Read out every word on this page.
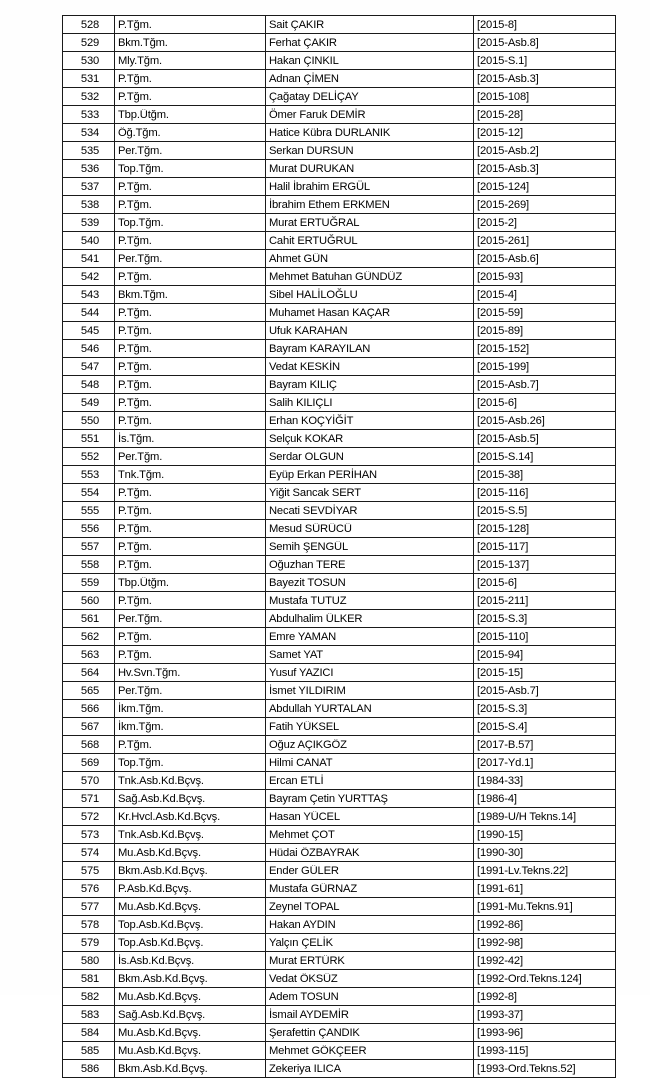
528	P.Tğm.	Sait ÇAKIR	[2015-8]
529	Bkm.Tğm.	Ferhat ÇAKIR	[2015-Asb.8]
530	Mly.Tğm.	Hakan ÇINKIL	[2015-S.1]
531	P.Tğm.	Adnan ÇİMEN	[2015-Asb.3]
532	P.Tğm.	Çağatay DELİÇAY	[2015-108]
533	Tbp.Ütğm.	Ömer Faruk DEMİR	[2015-28]
534	Öğ.Tğm.	Hatice Kübra DURLANIK	[2015-12]
535	Per.Tğm.	Serkan DURSUN	[2015-Asb.2]
536	Top.Tğm.	Murat DURUKAN	[2015-Asb.3]
537	P.Tğm.	Halil İbrahim ERGÜL	[2015-124]
538	P.Tğm.	İbrahim Ethem ERKMEN	[2015-269]
539	Top.Tğm.	Murat ERTUĞRAL	[2015-2]
540	P.Tğm.	Cahit ERTUĞRUL	[2015-261]
541	Per.Tğm.	Ahmet GÜN	[2015-Asb.6]
542	P.Tğm.	Mehmet Batuhan GÜNDÜZ	[2015-93]
543	Bkm.Tğm.	Sibel HALİLOĞLU	[2015-4]
544	P.Tğm.	Muhamet Hasan KAÇAR	[2015-59]
545	P.Tğm.	Ufuk KARAHAN	[2015-89]
546	P.Tğm.	Bayram KARAYILAN	[2015-152]
547	P.Tğm.	Vedat KESKİN	[2015-199]
548	P.Tğm.	Bayram KILIÇ	[2015-Asb.7]
549	P.Tğm.	Salih KILIÇLI	[2015-6]
550	P.Tğm.	Erhan KOÇYİĞİT	[2015-Asb.26]
551	İs.Tğm.	Selçuk KOKAR	[2015-Asb.5]
552	Per.Tğm.	Serdar OLGUN	[2015-S.14]
553	Tnk.Tğm.	Eyüp Erkan PERİHAN	[2015-38]
554	P.Tğm.	Yiğit Sancak SERT	[2015-116]
555	P.Tğm.	Necati SEVDİYAR	[2015-S.5]
556	P.Tğm.	Mesud SÜRÜCÜ	[2015-128]
557	P.Tğm.	Semih ŞENGÜL	[2015-117]
558	P.Tğm.	Oğuzhan TERE	[2015-137]
559	Tbp.Ütğm.	Bayezit TOSUN	[2015-6]
560	P.Tğm.	Mustafa TUTUZ	[2015-211]
561	Per.Tğm.	Abdulhalim ÜLKER	[2015-S.3]
562	P.Tğm.	Emre YAMAN	[2015-110]
563	P.Tğm.	Samet YAT	[2015-94]
564	Hv.Svn.Tğm.	Yusuf YAZICI	[2015-15]
565	Per.Tğm.	İsmet YILDIRIM	[2015-Asb.7]
566	İkm.Tğm.	Abdullah YURTALAN	[2015-S.3]
567	İkm.Tğm.	Fatih YÜKSEL	[2015-S.4]
568	P.Tğm.	Oğuz AÇIKGÖZ	[2017-B.57]
569	Top.Tğm.	Hilmi CANAT	[2017-Yd.1]
570	Tnk.Asb.Kd.Bçvş.	Ercan ETLİ	[1984-33]
571	Sağ.Asb.Kd.Bçvş.	Bayram Çetin YURTTAŞ	[1986-4]
572	Kr.Hvcl.Asb.Kd.Bçvş.	Hasan YÜCEL	[1989-U/H Tekns.14]
573	Tnk.Asb.Kd.Bçvş.	Mehmet ÇOT	[1990-15]
574	Mu.Asb.Kd.Bçvş.	Hüdai ÖZBAYRAK	[1990-30]
575	Bkm.Asb.Kd.Bçvş.	Ender GÜLER	[1991-Lv.Tekns.22]
576	P.Asb.Kd.Bçvş.	Mustafa GÜRNAZ	[1991-61]
577	Mu.Asb.Kd.Bçvş.	Zeynel TOPAL	[1991-Mu.Tekns.91]
578	Top.Asb.Kd.Bçvş.	Hakan AYDIN	[1992-86]
579	Top.Asb.Kd.Bçvş.	Yalçın ÇELİK	[1992-98]
580	İs.Asb.Kd.Bçvş.	Murat ERTÜRK	[1992-42]
581	Bkm.Asb.Kd.Bçvş.	Vedat ÖKSÜZ	[1992-Ord.Tekns.124]
582	Mu.Asb.Kd.Bçvş.	Adem TOSUN	[1992-8]
583	Sağ.Asb.Kd.Bçvş.	İsmail AYDEMİR	[1993-37]
584	Mu.Asb.Kd.Bçvş.	Şerafettin ÇANDIK	[1993-96]
585	Mu.Asb.Kd.Bçvş.	Mehmet GÖKÇEER	[1993-115]
586	Bkm.Asb.Kd.Bçvş.	Zekeriya ILICA	[1993-Ord.Tekns.52]
